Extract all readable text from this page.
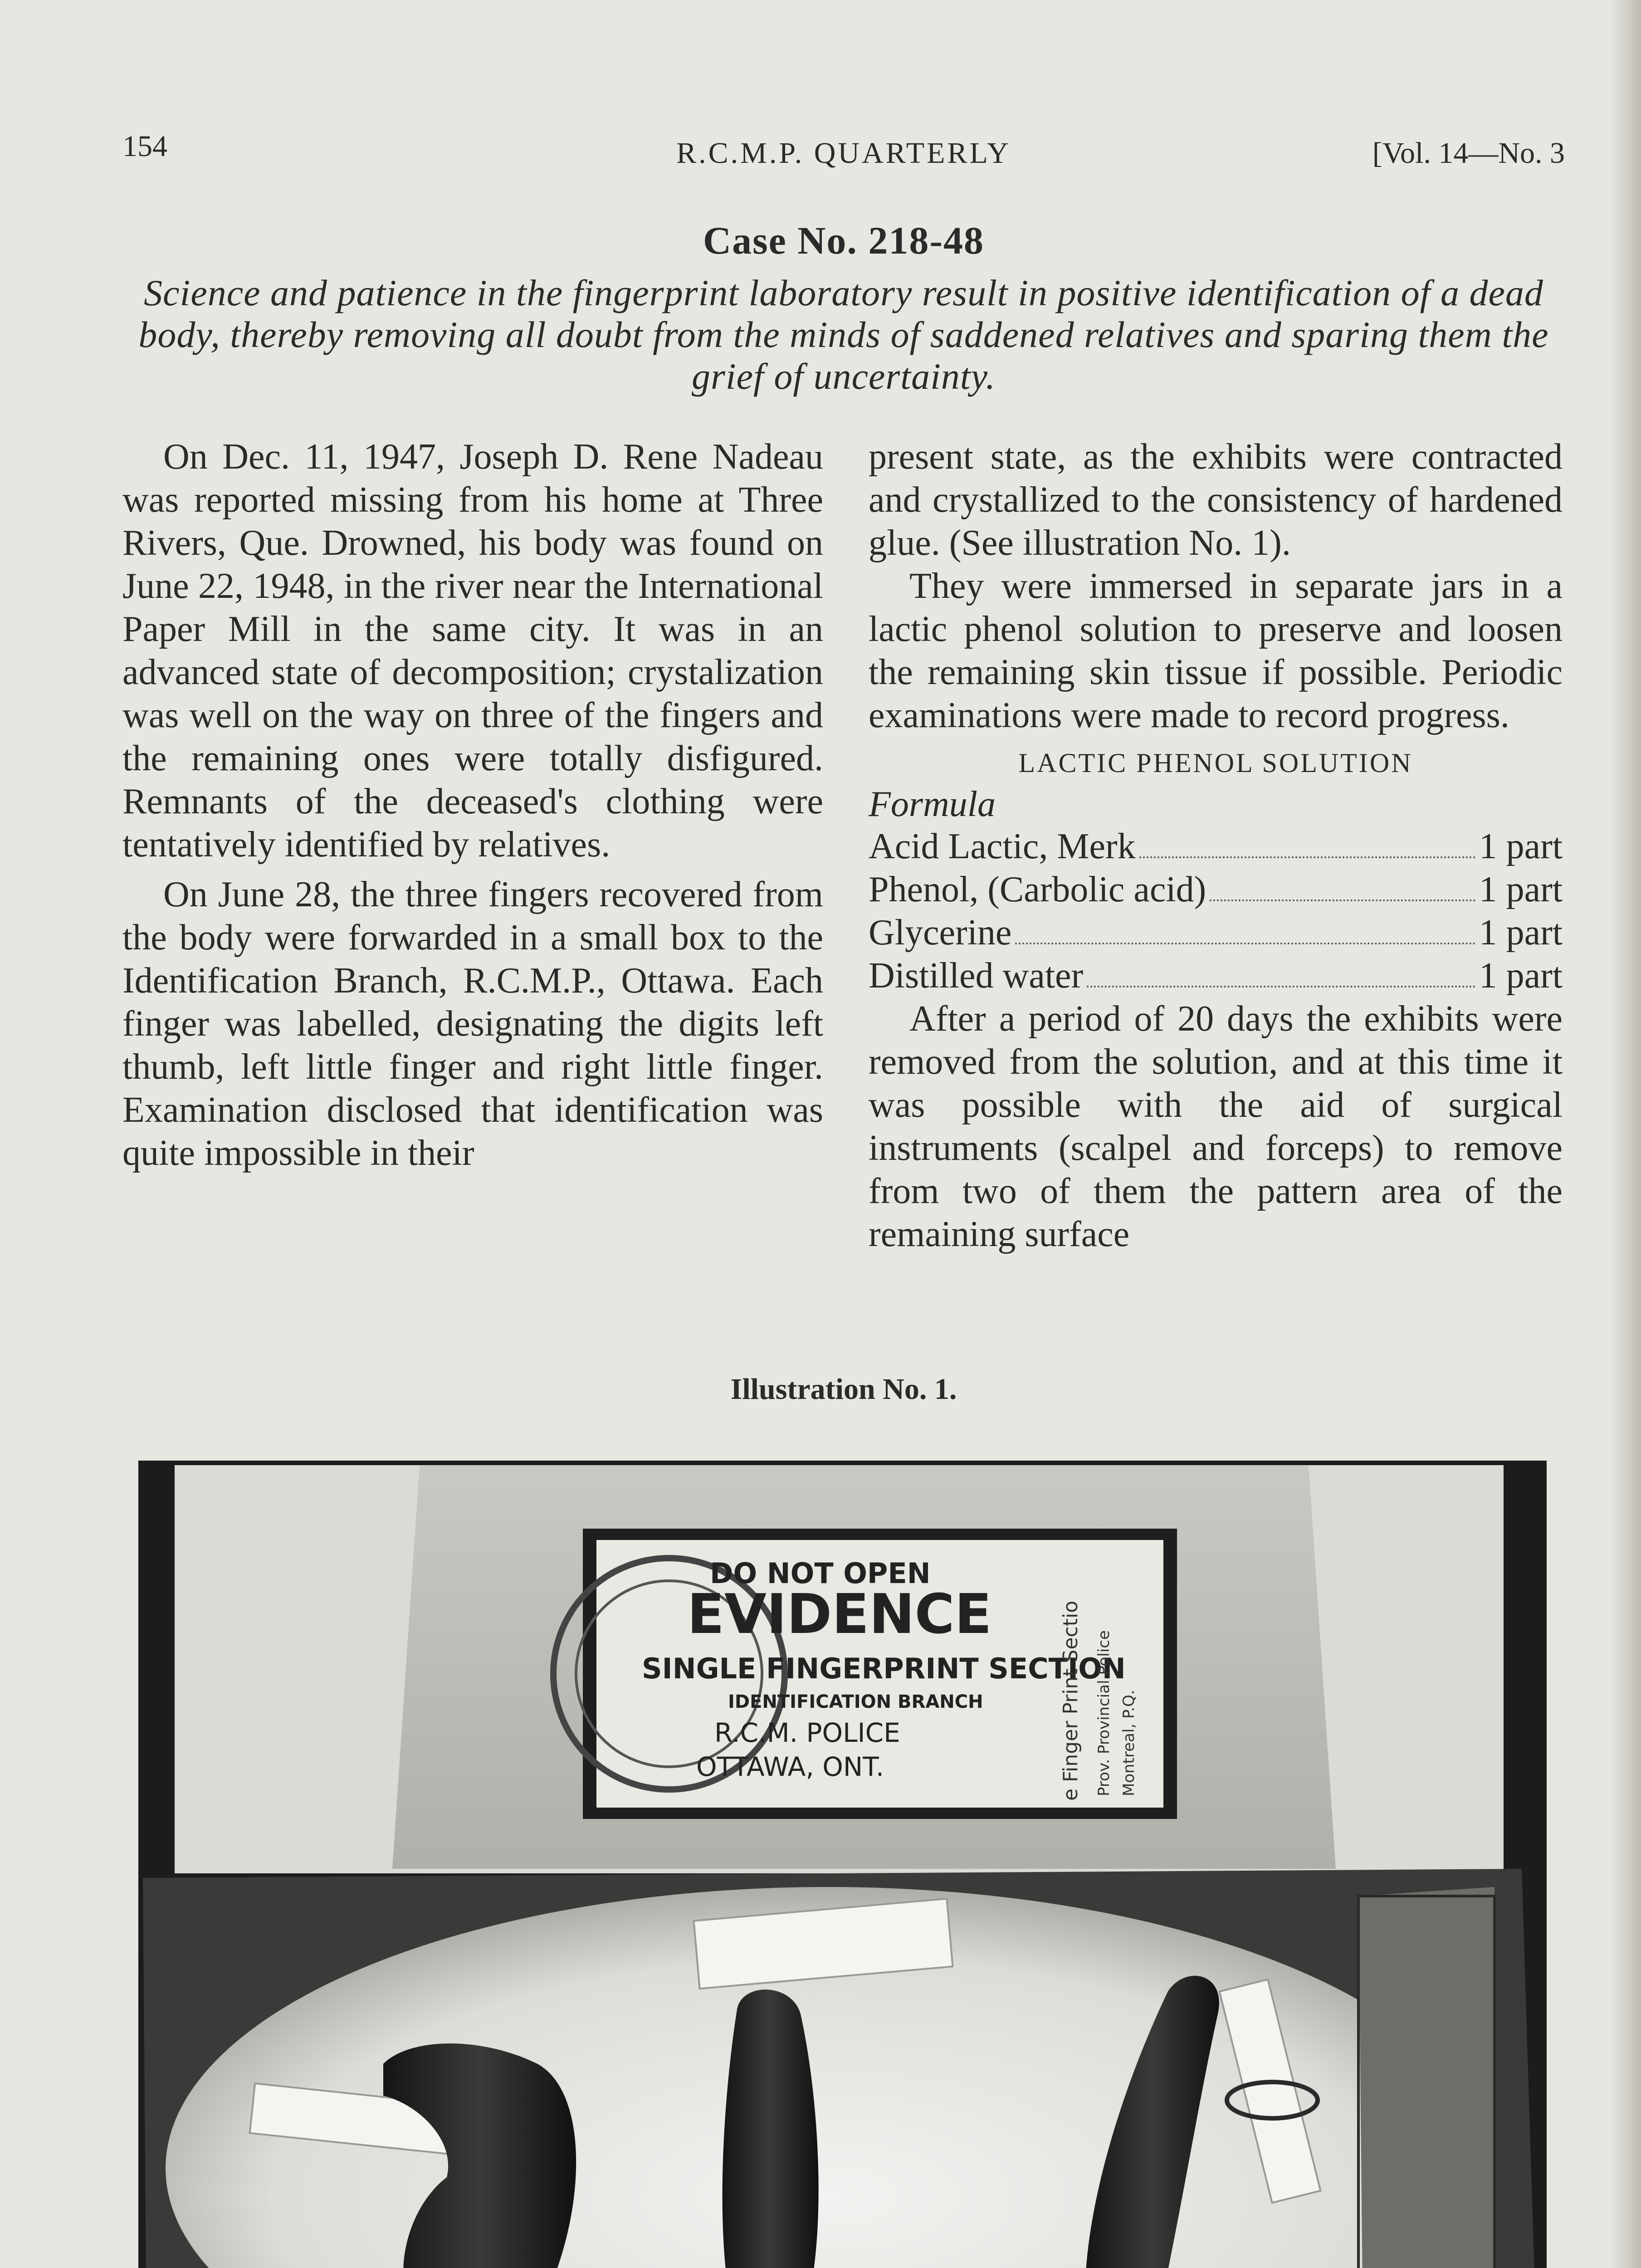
154	R.C.M.P. QUARTERLY	[Vol. 14—No. 3
Case No. 218-48
Science and patience in the fingerprint laboratory result in positive identification of a dead body, thereby removing all doubt from the minds of saddened relatives and sparing them the grief of uncertainty.

On Dec. 11, 1947, Joseph D. Rene Nadeau was reported missing from his home at Three Rivers, Que. Drowned, his body was found on June 22, 1948, in the river near the International Paper Mill in the same city. It was in an advanced state of decomposition; crystalization was well on the way on three of the fingers and the remaining ones were totally disfigured. Remnants of the deceased's clothing were tentatively identified by relatives.

On June 28, the three fingers recovered from the body were forwarded in a small box to the Identification Branch, R.C.M.P., Ottawa. Each finger was labelled, designating the digits left thumb, left little finger and right little finger. Examination disclosed that identification was quite impossible in their

present state, as the exhibits were contracted and crystallized to the consistency of hardened glue. (See illustration No. 1).

They were immersed in separate jars in a lactic phenol solution to preserve and loosen the remaining skin tissue if possible. Periodic examinations were made to record progress.

LACTIC PHENOL SOLUTION
Formula
Acid Lactic, Merk	1 part
Phenol, (Carbolic acid)	1 part
Glycerine	1 part
Distilled water	1 part

After a period of 20 days the exhibits were removed from the solution, and at this time it was possible with the aid of surgical instruments (scalpel and forceps) to remove from two of them the pattern area of the remaining surface

Illustration No. 1.
DO NOT OPEN
EVIDENCE
SINGLE FINGERPRINT SECTION
IDENTIFICATION BRANCH
R.C.M. POLICE
OTTAWA, ONT.	e Finger Print Sectio Prov. Provincial Police Montreal, P.Q.
